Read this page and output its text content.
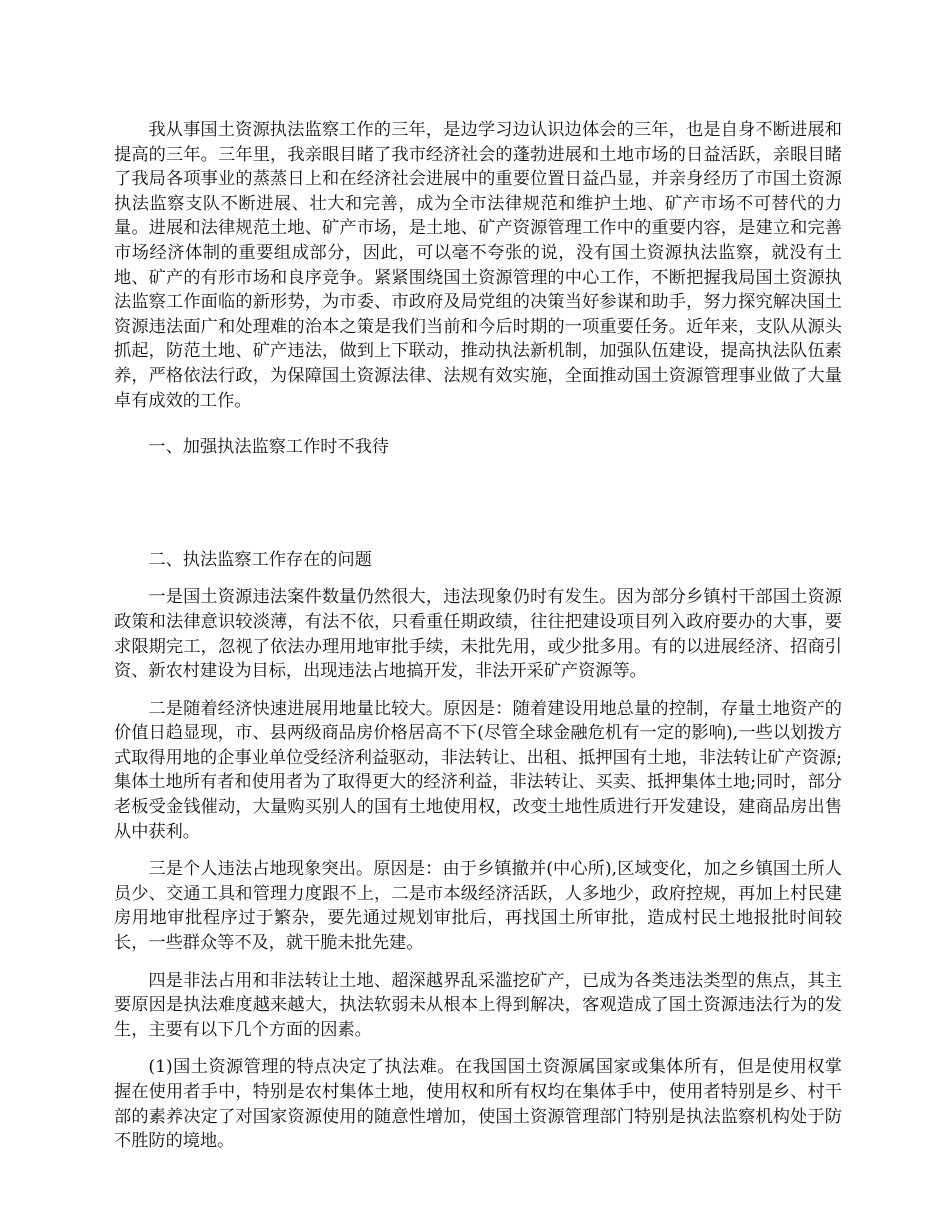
我从事国土资源执法监察工作的三年，是边学习边认识边体会的三年，也是自身不断进展和提高的三年。三年里，我亲眼目睹了我市经济社会的蓬勃进展和土地市场的日益活跃，亲眼目睹了我局各项事业的蒸蒸日上和在经济社会进展中的重要位置日益凸显，并亲身经历了市国土资源执法监察支队不断进展、壮大和完善，成为全市法律规范和维护土地、矿产市场不可替代的力量。进展和法律规范土地、矿产市场，是土地、矿产资源管理工作中的重要内容，是建立和完善市场经济体制的重要组成部分，因此，可以毫不夸张的说，没有国土资源执法监察，就没有土地、矿产的有形市场和良序竞争。紧紧围绕国土资源管理的中心工作，不断把握我局国土资源执法监察工作面临的新形势，为市委、市政府及局党组的决策当好参谋和助手，努力探究解决国土资源违法面广和处理难的治本之策是我们当前和今后时期的一项重要任务。近年来，支队从源头抓起，防范土地、矿产违法，做到上下联动，推动执法新机制，加强队伍建设，提高执法队伍素养，严格依法行政，为保障国土资源法律、法规有效实施，全面推动国土资源管理事业做了大量卓有成效的工作。

一、加强执法监察工作时不我待

二、执法监察工作存在的问题

一是国土资源违法案件数量仍然很大，违法现象仍时有发生。因为部分乡镇村干部国土资源政策和法律意识较淡薄，有法不依，只看重任期政绩，往往把建设项目列入政府要办的大事，要求限期完工，忽视了依法办理用地审批手续，未批先用，或少批多用。有的以进展经济、招商引资、新农村建设为目标，出现违法占地搞开发，非法开采矿产资源等。

二是随着经济快速进展用地量比较大。原因是：随着建设用地总量的控制，存量土地资产的价值日趋显现，市、县两级商品房价格居高不下(尽管全球金融危机有一定的影响),一些以划拨方式取得用地的企事业单位受经济利益驱动，非法转让、出租、抵押国有土地，非法转让矿产资源;集体土地所有者和使用者为了取得更大的经济利益，非法转让、买卖、抵押集体土地;同时，部分老板受金钱催动，大量购买别人的国有土地使用权，改变土地性质进行开发建设，建商品房出售从中获利。

三是个人违法占地现象突出。原因是：由于乡镇撤并(中心所),区域变化，加之乡镇国土所人员少、交通工具和管理力度跟不上，二是市本级经济活跃，人多地少，政府控规，再加上村民建房用地审批程序过于繁杂，要先通过规划审批后，再找国土所审批，造成村民土地报批时间较长，一些群众等不及，就干脆未批先建。

四是非法占用和非法转让土地、超深越界乱采滥挖矿产，已成为各类违法类型的焦点，其主要原因是执法难度越来越大，执法软弱未从根本上得到解决，客观造成了国土资源违法行为的发生，主要有以下几个方面的因素。

(1)国土资源管理的特点决定了执法难。在我国国土资源属国家或集体所有，但是使用权掌握在使用者手中，特别是农村集体土地，使用权和所有权均在集体手中，使用者特别是乡、村干部的素养决定了对国家资源使用的随意性增加，使国土资源管理部门特别是执法监察机构处于防不胜防的境地。
